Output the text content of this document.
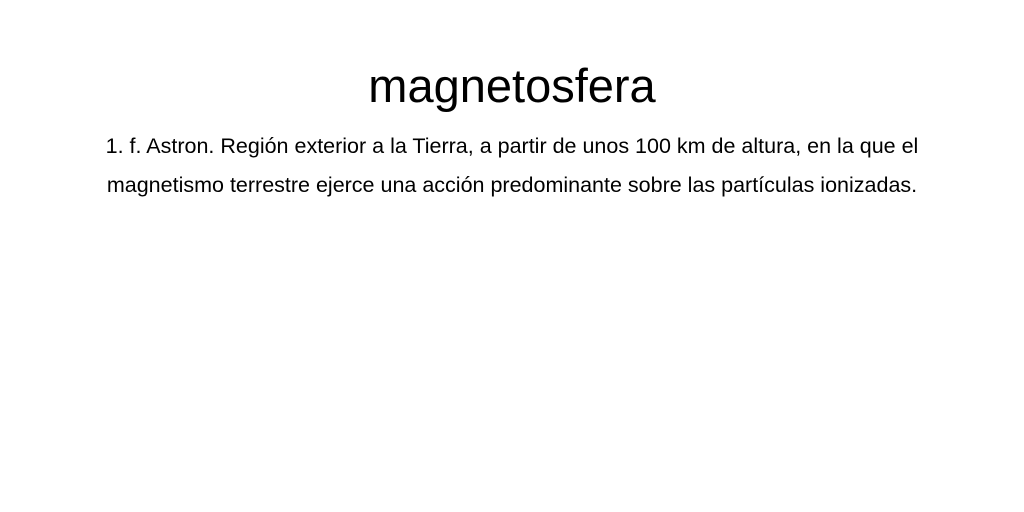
magnetosfera

1. f. Astron. Región exterior a la Tierra, a partir de unos 100 km de altura, en la que el magnetismo terrestre ejerce una acción predominante sobre las partículas ionizadas.
